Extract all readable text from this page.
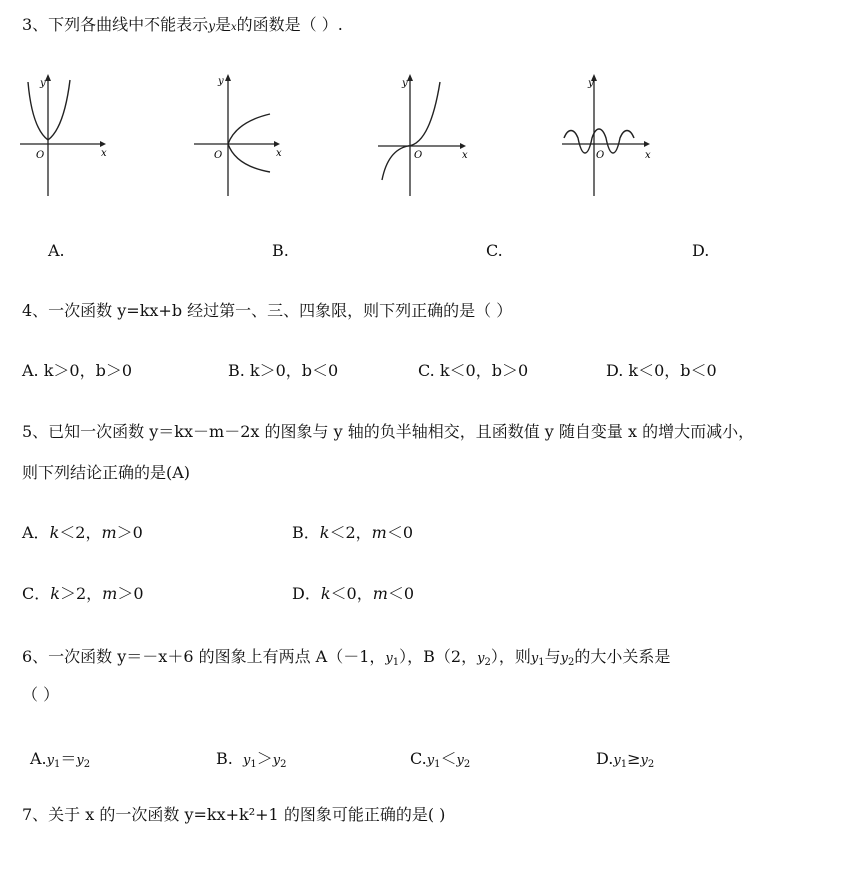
3、下列各曲线中不能表示y是x的函数是（ ）.
y
x
O
y
x
O
y
x
O
y
x
O
A.	B.	C.	D.
4、一次函数 y=kx+b 经过第一、三、四象限，则下列正确的是（ ）
A. k＞0，b＞0	B. k＞0，b＜0	C. k＜0，b＞0	D. k＜0，b＜0
5、已知一次函数 y＝kx－m－2x 的图象与 y 轴的负半轴相交，且函数值 y 随自变量 x 的增大而减小，
则下列结论正确的是(A)
A．k＜2，m＞0	B．k＜2，m＜0
C．k＞2，m＞0	D．k＜0，m＜0
6、一次函数 y＝－x＋6 的图象上有两点 A（－1，$y_1$），B（2，$y_2$），则$y_1$与$y_2$的大小关系是
（ ）
$A.y_1=y_2$	B. $y_1>y_2$	$C.y_1<y_2$	$D.y_1\ge y_2$
7、关于 x 的一次函数 y=kx+k²+1 的图象可能正确的是( )
